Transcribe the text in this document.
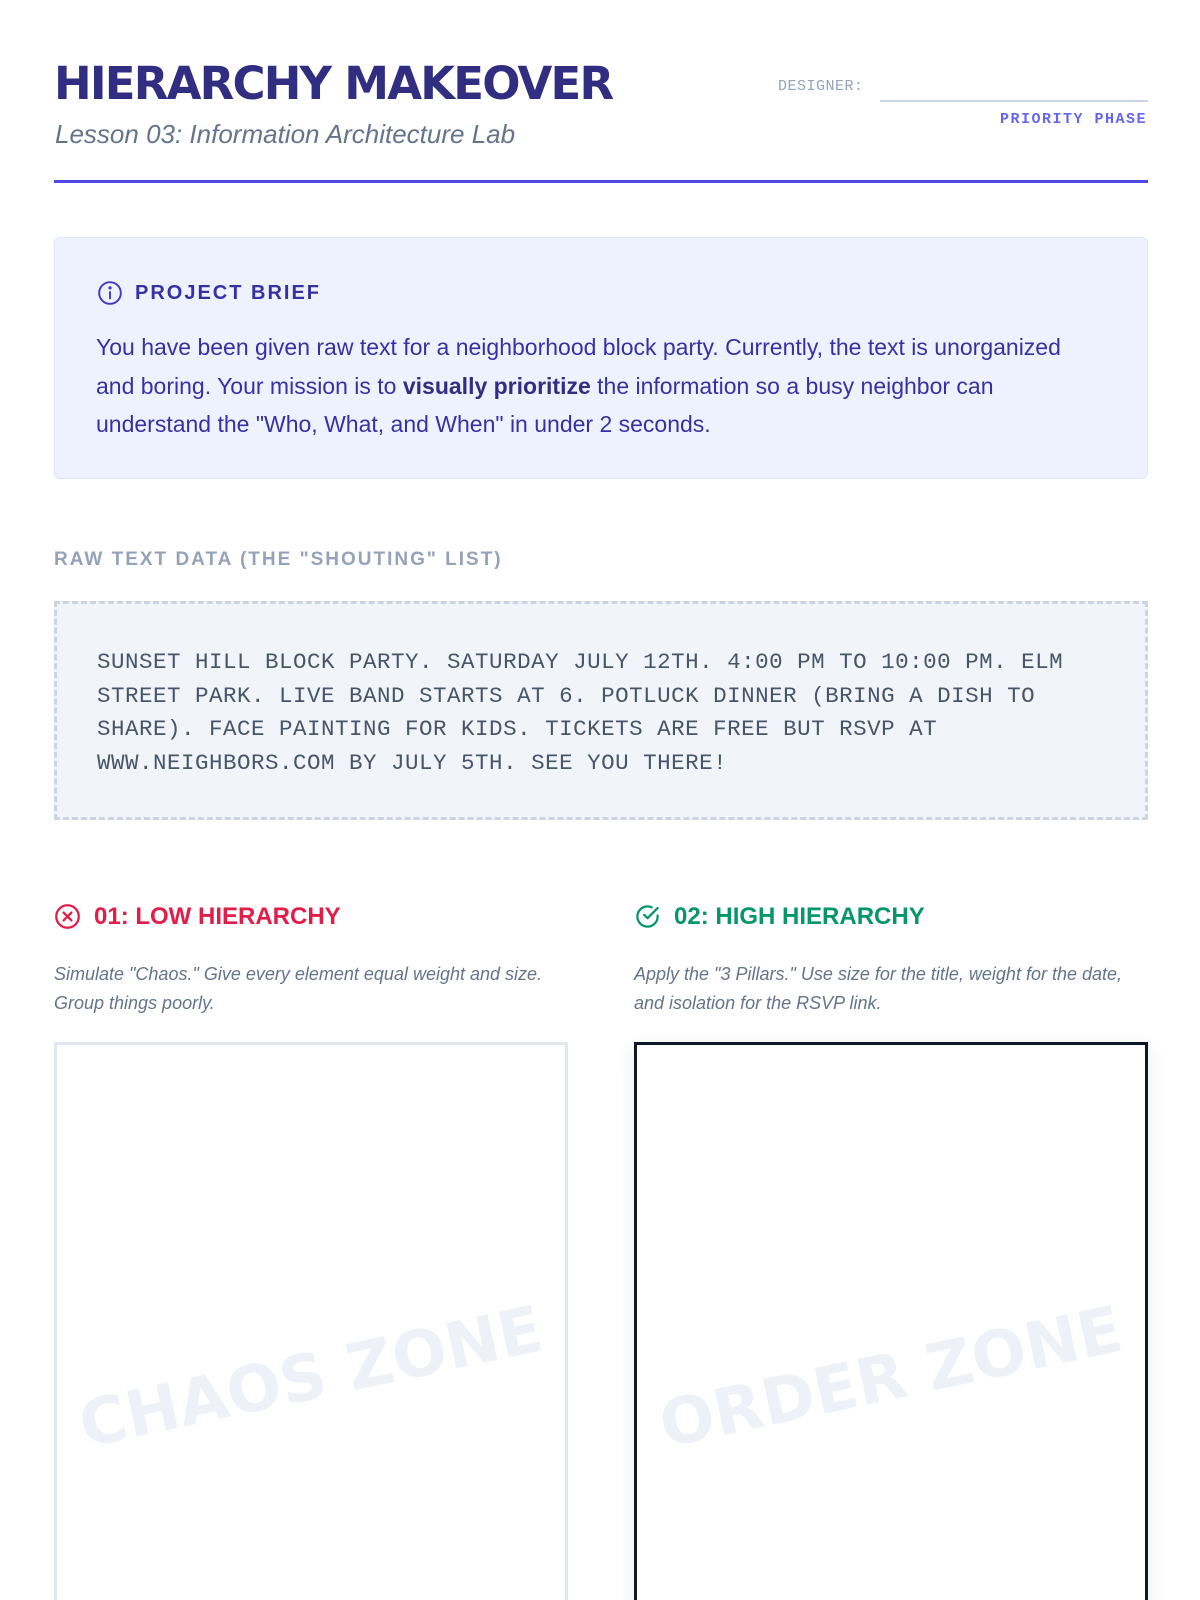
HIERARCHY MAKEOVER
Lesson 03: Information Architecture Lab
DESIGNER:
PRIORITY PHASE
PROJECT BRIEF
You have been given raw text for a neighborhood block party. Currently, the text is unorganized and boring. Your mission is to visually prioritize the information so a busy neighbor can understand the "Who, What, and When" in under 2 seconds.
RAW TEXT DATA (THE "SHOUTING" LIST)
SUNSET HILL BLOCK PARTY. SATURDAY JULY 12TH. 4:00 PM TO 10:00 PM. ELM STREET PARK. LIVE BAND STARTS AT 6. POTLUCK DINNER (BRING A DISH TO SHARE). FACE PAINTING FOR KIDS. TICKETS ARE FREE BUT RSVP AT WWW.NEIGHBORS.COM BY JULY 5TH. SEE YOU THERE!
01: LOW HIERARCHY
Simulate "Chaos." Give every element equal weight and size. Group things poorly.
CHAOS ZONE
02: HIGH HIERARCHY
Apply the "3 Pillars." Use size for the title, weight for the date, and isolation for the RSVP link.
ORDER ZONE
